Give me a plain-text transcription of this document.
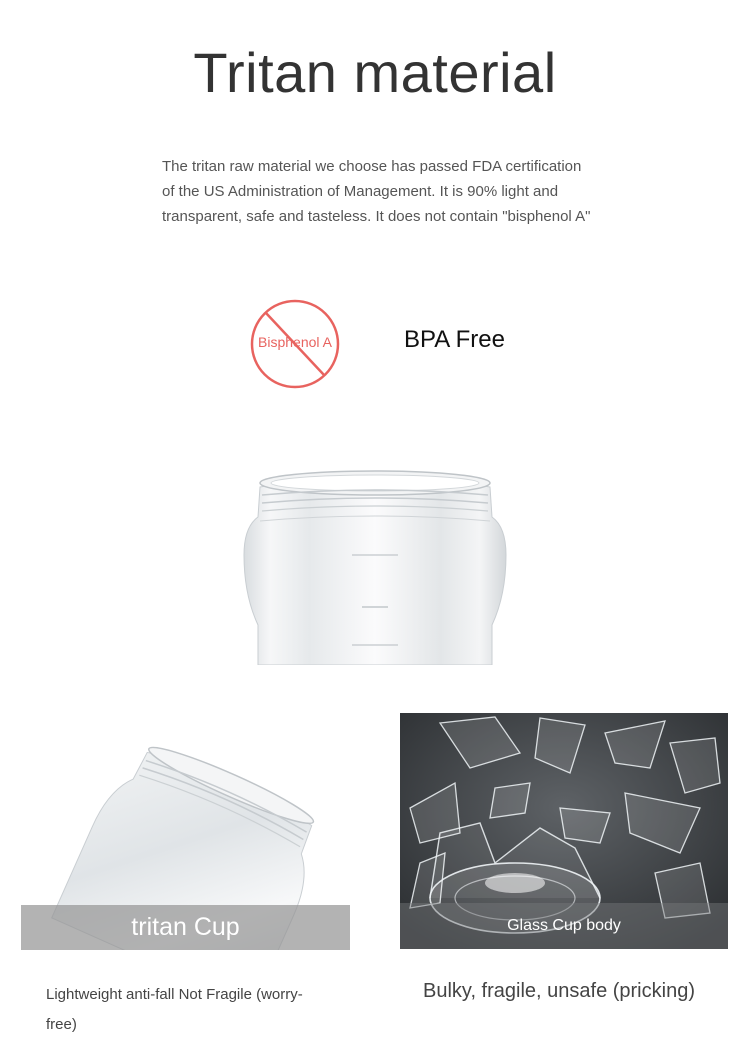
Tritan material
The tritan raw material we choose has passed FDA certification
of the US Administration of Management. It is 90% light and
transparent, safe and tasteless. It does not contain "bisphenol A"
Bisphenol A	BPA Free
tritan Cup	Glass Cup body
Lightweight anti-fall Not Fragile (worry-
free)
Bulky, fragile, unsafe (pricking)
